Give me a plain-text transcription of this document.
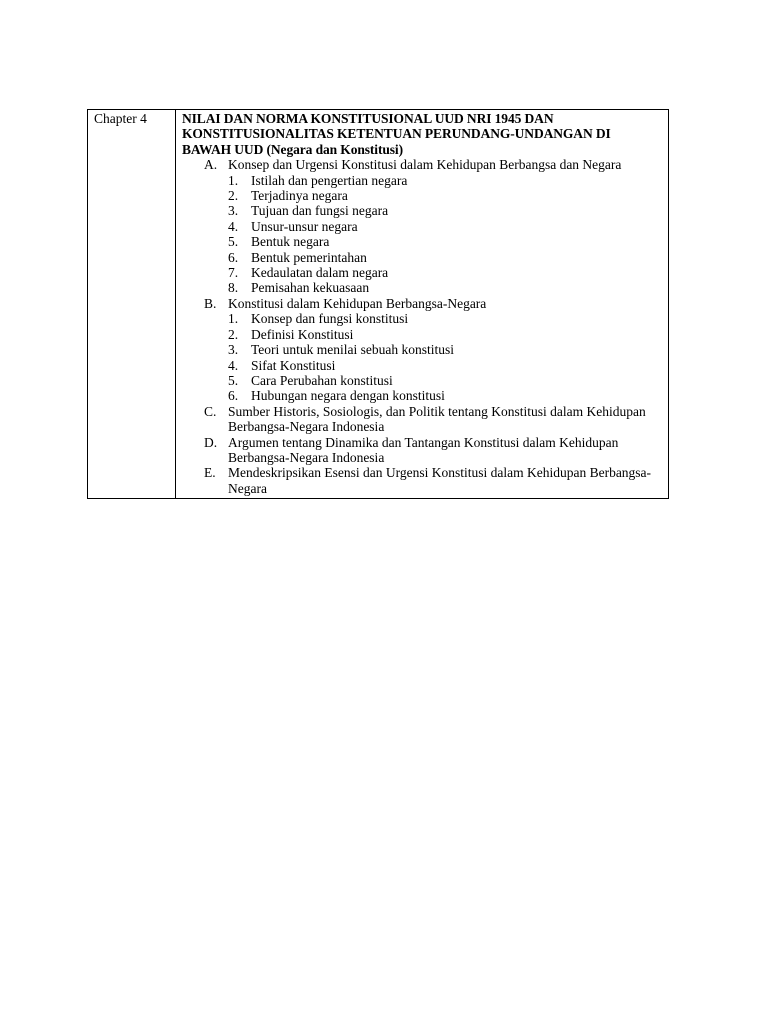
Chapter 4	NILAI DAN NORMA KONSTITUSIONAL UUD NRI 1945 DAN KONSTITUSIONALITAS KETENTUAN PERUNDANG-UNDANGAN DI BAWAH UUD (Negara dan Konstitusi)
A. Konsep dan Urgensi Konstitusi dalam Kehidupan Berbangsa dan Negara
1. Istilah dan pengertian negara
2. Terjadinya negara
3. Tujuan dan fungsi negara
4. Unsur-unsur negara
5. Bentuk negara
6. Bentuk pemerintahan
7. Kedaulatan dalam negara
8. Pemisahan kekuasaan
B. Konstitusi dalam Kehidupan Berbangsa-Negara
1. Konsep dan fungsi konstitusi
2. Definisi Konstitusi
3. Teori untuk menilai sebuah konstitusi
4. Sifat Konstitusi
5. Cara Perubahan konstitusi
6. Hubungan negara dengan konstitusi
C. Sumber Historis, Sosiologis, dan Politik tentang Konstitusi dalam Kehidupan Berbangsa-Negara Indonesia
D. Argumen tentang Dinamika dan Tantangan Konstitusi dalam Kehidupan Berbangsa-Negara Indonesia
E. Mendeskripsikan Esensi dan Urgensi Konstitusi dalam Kehidupan Berbangsa-Negara
